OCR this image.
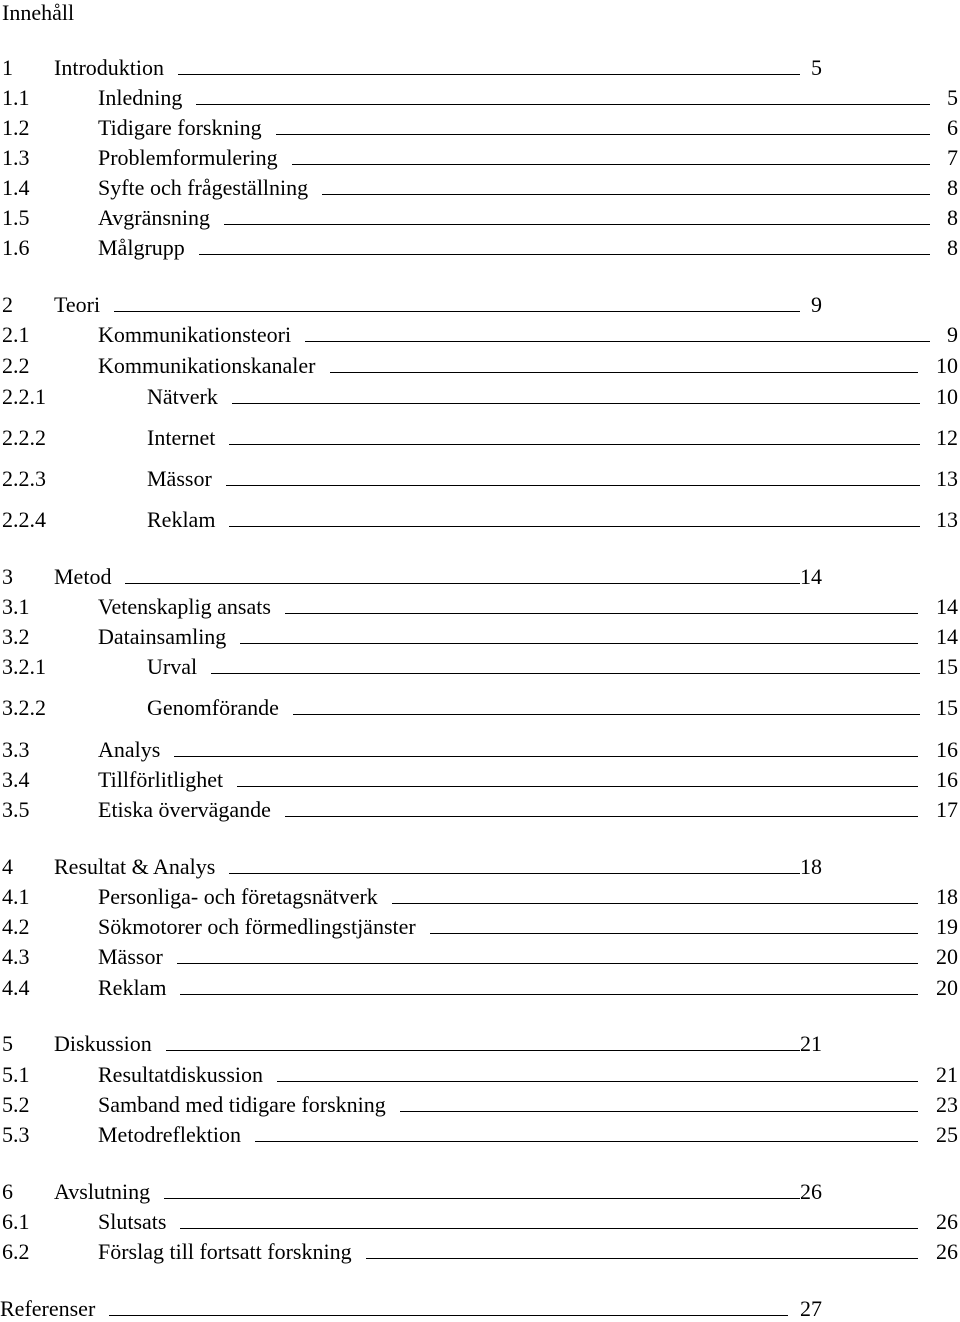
Innehåll
1 Introduktion	5
1.1	Inledning	5
1.2	Tidigare forskning	6
1.3	Problemformulering	7
1.4	Syfte och frågeställning	8
1.5	Avgränsning	8
1.6	Målgrupp	8
2 Teori	9
2.1	Kommunikationsteori	9
2.2	Kommunikationskanaler	10
2.2.1	Nätverk	10
2.2.2	Internet	12
2.2.3	Mässor	13
2.2.4	Reklam	13
3 Metod	14
3.1	Vetenskaplig ansats	14
3.2	Datainsamling	14
3.2.1	Urval	15
3.2.2	Genomförande	15
3.3	Analys	16
3.4	Tillförlitlighet	16
3.5	Etiska övervägande	17
4 Resultat & Analys	18
4.1	Personliga- och företagsnätverk	18
4.2	Sökmotorer och förmedlingstjänster	19
4.3	Mässor	20
4.4	Reklam	20
5 Diskussion	21
5.1	Resultatdiskussion	21
5.2	Samband med tidigare forskning	23
5.3	Metodreflektion	25
6 Avslutning	26
6.1	Slutsats	26
6.2	Förslag till fortsatt forskning	26
Referenser	27
